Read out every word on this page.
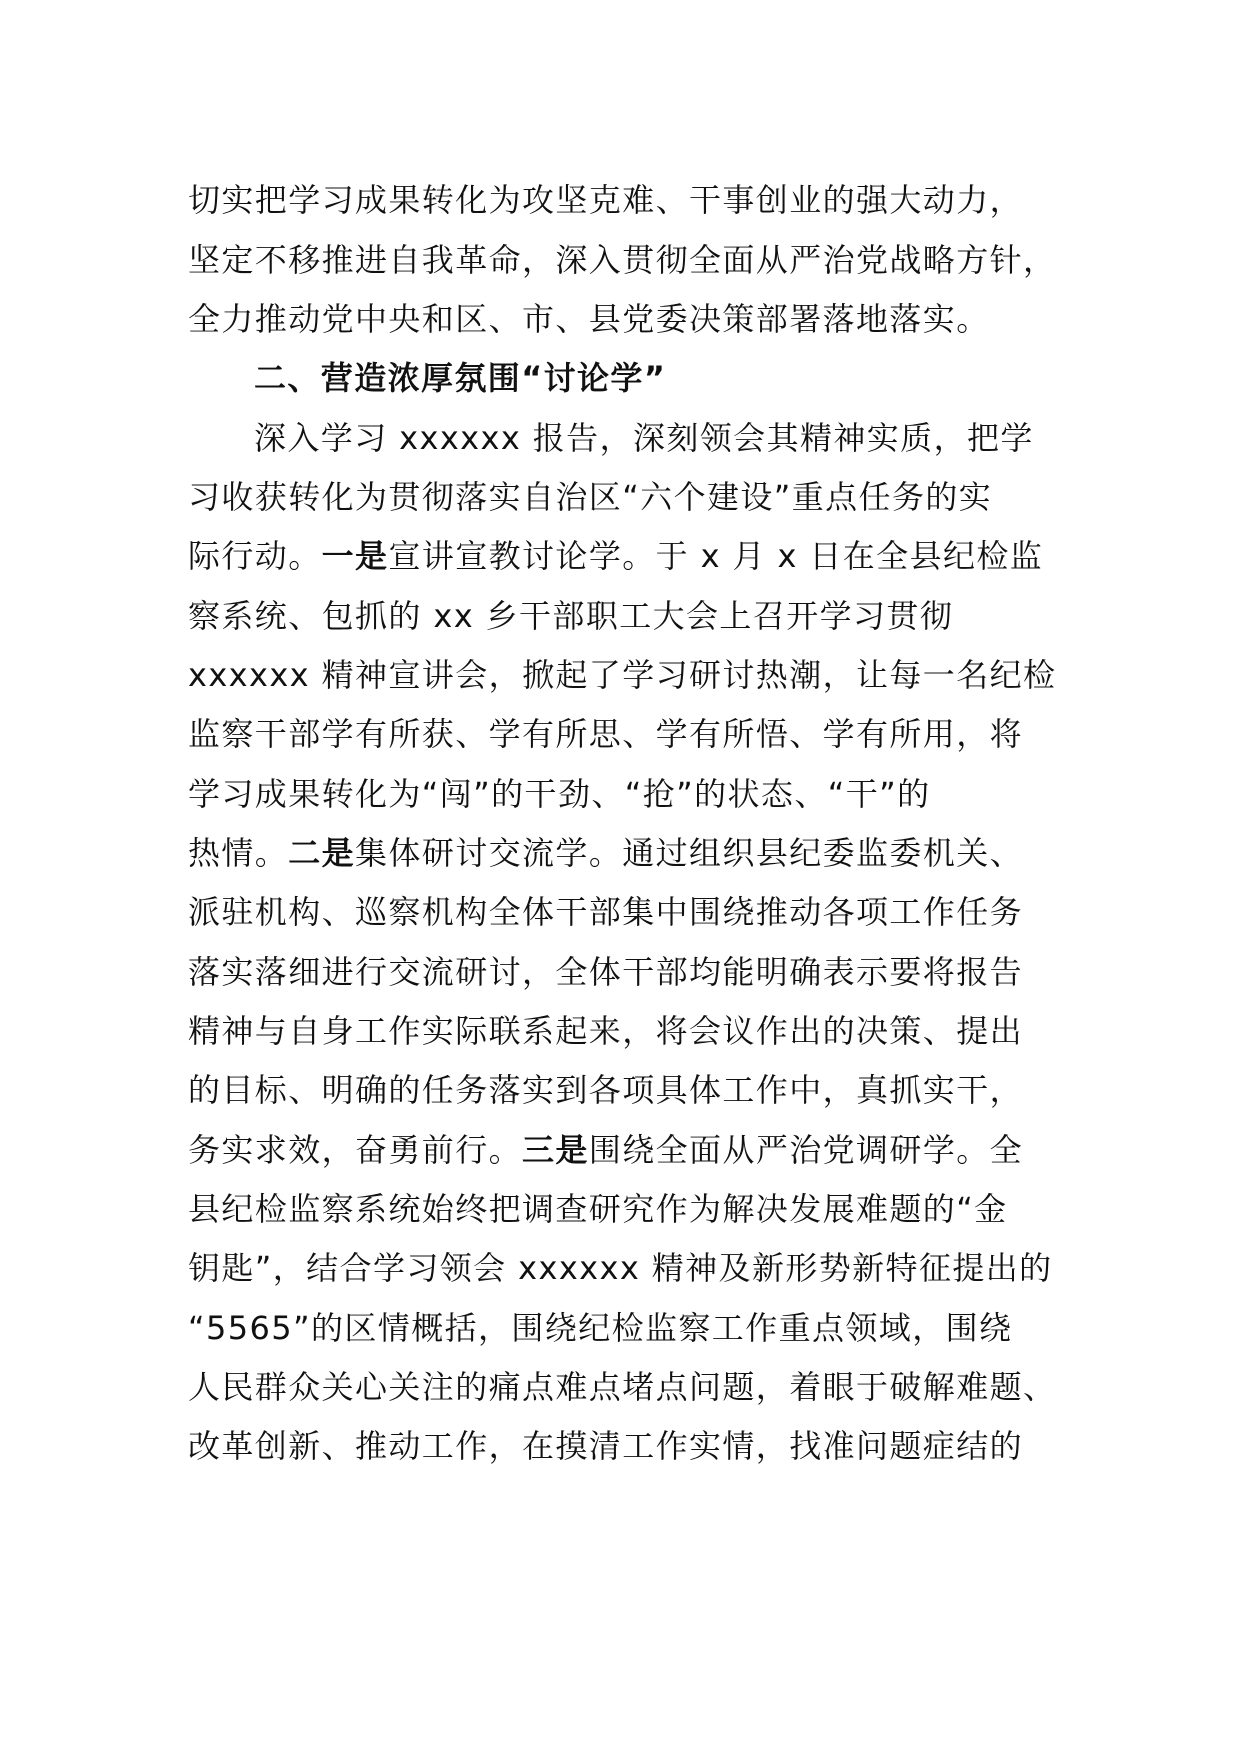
切实把学习成果转化为攻坚克难、干事创业的强大动力，
坚定不移推进自我革命，深入贯彻全面从严治党战略方针，
全力推动党中央和区、市、县党委决策部署落地落实。
二、营造浓厚氛围“讨论学”
深入学习 xxxxxx 报告，深刻领会其精神实质，把学
习收获转化为贯彻落实自治区“六个建设”重点任务的实
际行动。一是宣讲宣教讨论学。于 x 月 x 日在全县纪检监
察系统、包抓的 xx 乡干部职工大会上召开学习贯彻
xxxxxx 精神宣讲会，掀起了学习研讨热潮，让每一名纪检
监察干部学有所获、学有所思、学有所悟、学有所用，将
学习成果转化为“闯”的干劲、“抢”的状态、“干”的
热情。二是集体研讨交流学。通过组织县纪委监委机关、
派驻机构、巡察机构全体干部集中围绕推动各项工作任务
落实落细进行交流研讨，全体干部均能明确表示要将报告
精神与自身工作实际联系起来，将会议作出的决策、提出
的目标、明确的任务落实到各项具体工作中，真抓实干，
务实求效，奋勇前行。三是围绕全面从严治党调研学。全
县纪检监察系统始终把调查研究作为解决发展难题的“金
钥匙”，结合学习领会 xxxxxx 精神及新形势新特征提出的
“5565”的区情概括，围绕纪检监察工作重点领域，围绕
人民群众关心关注的痛点难点堵点问题，着眼于破解难题、
改革创新、推动工作，在摸清工作实情，找准问题症结的
